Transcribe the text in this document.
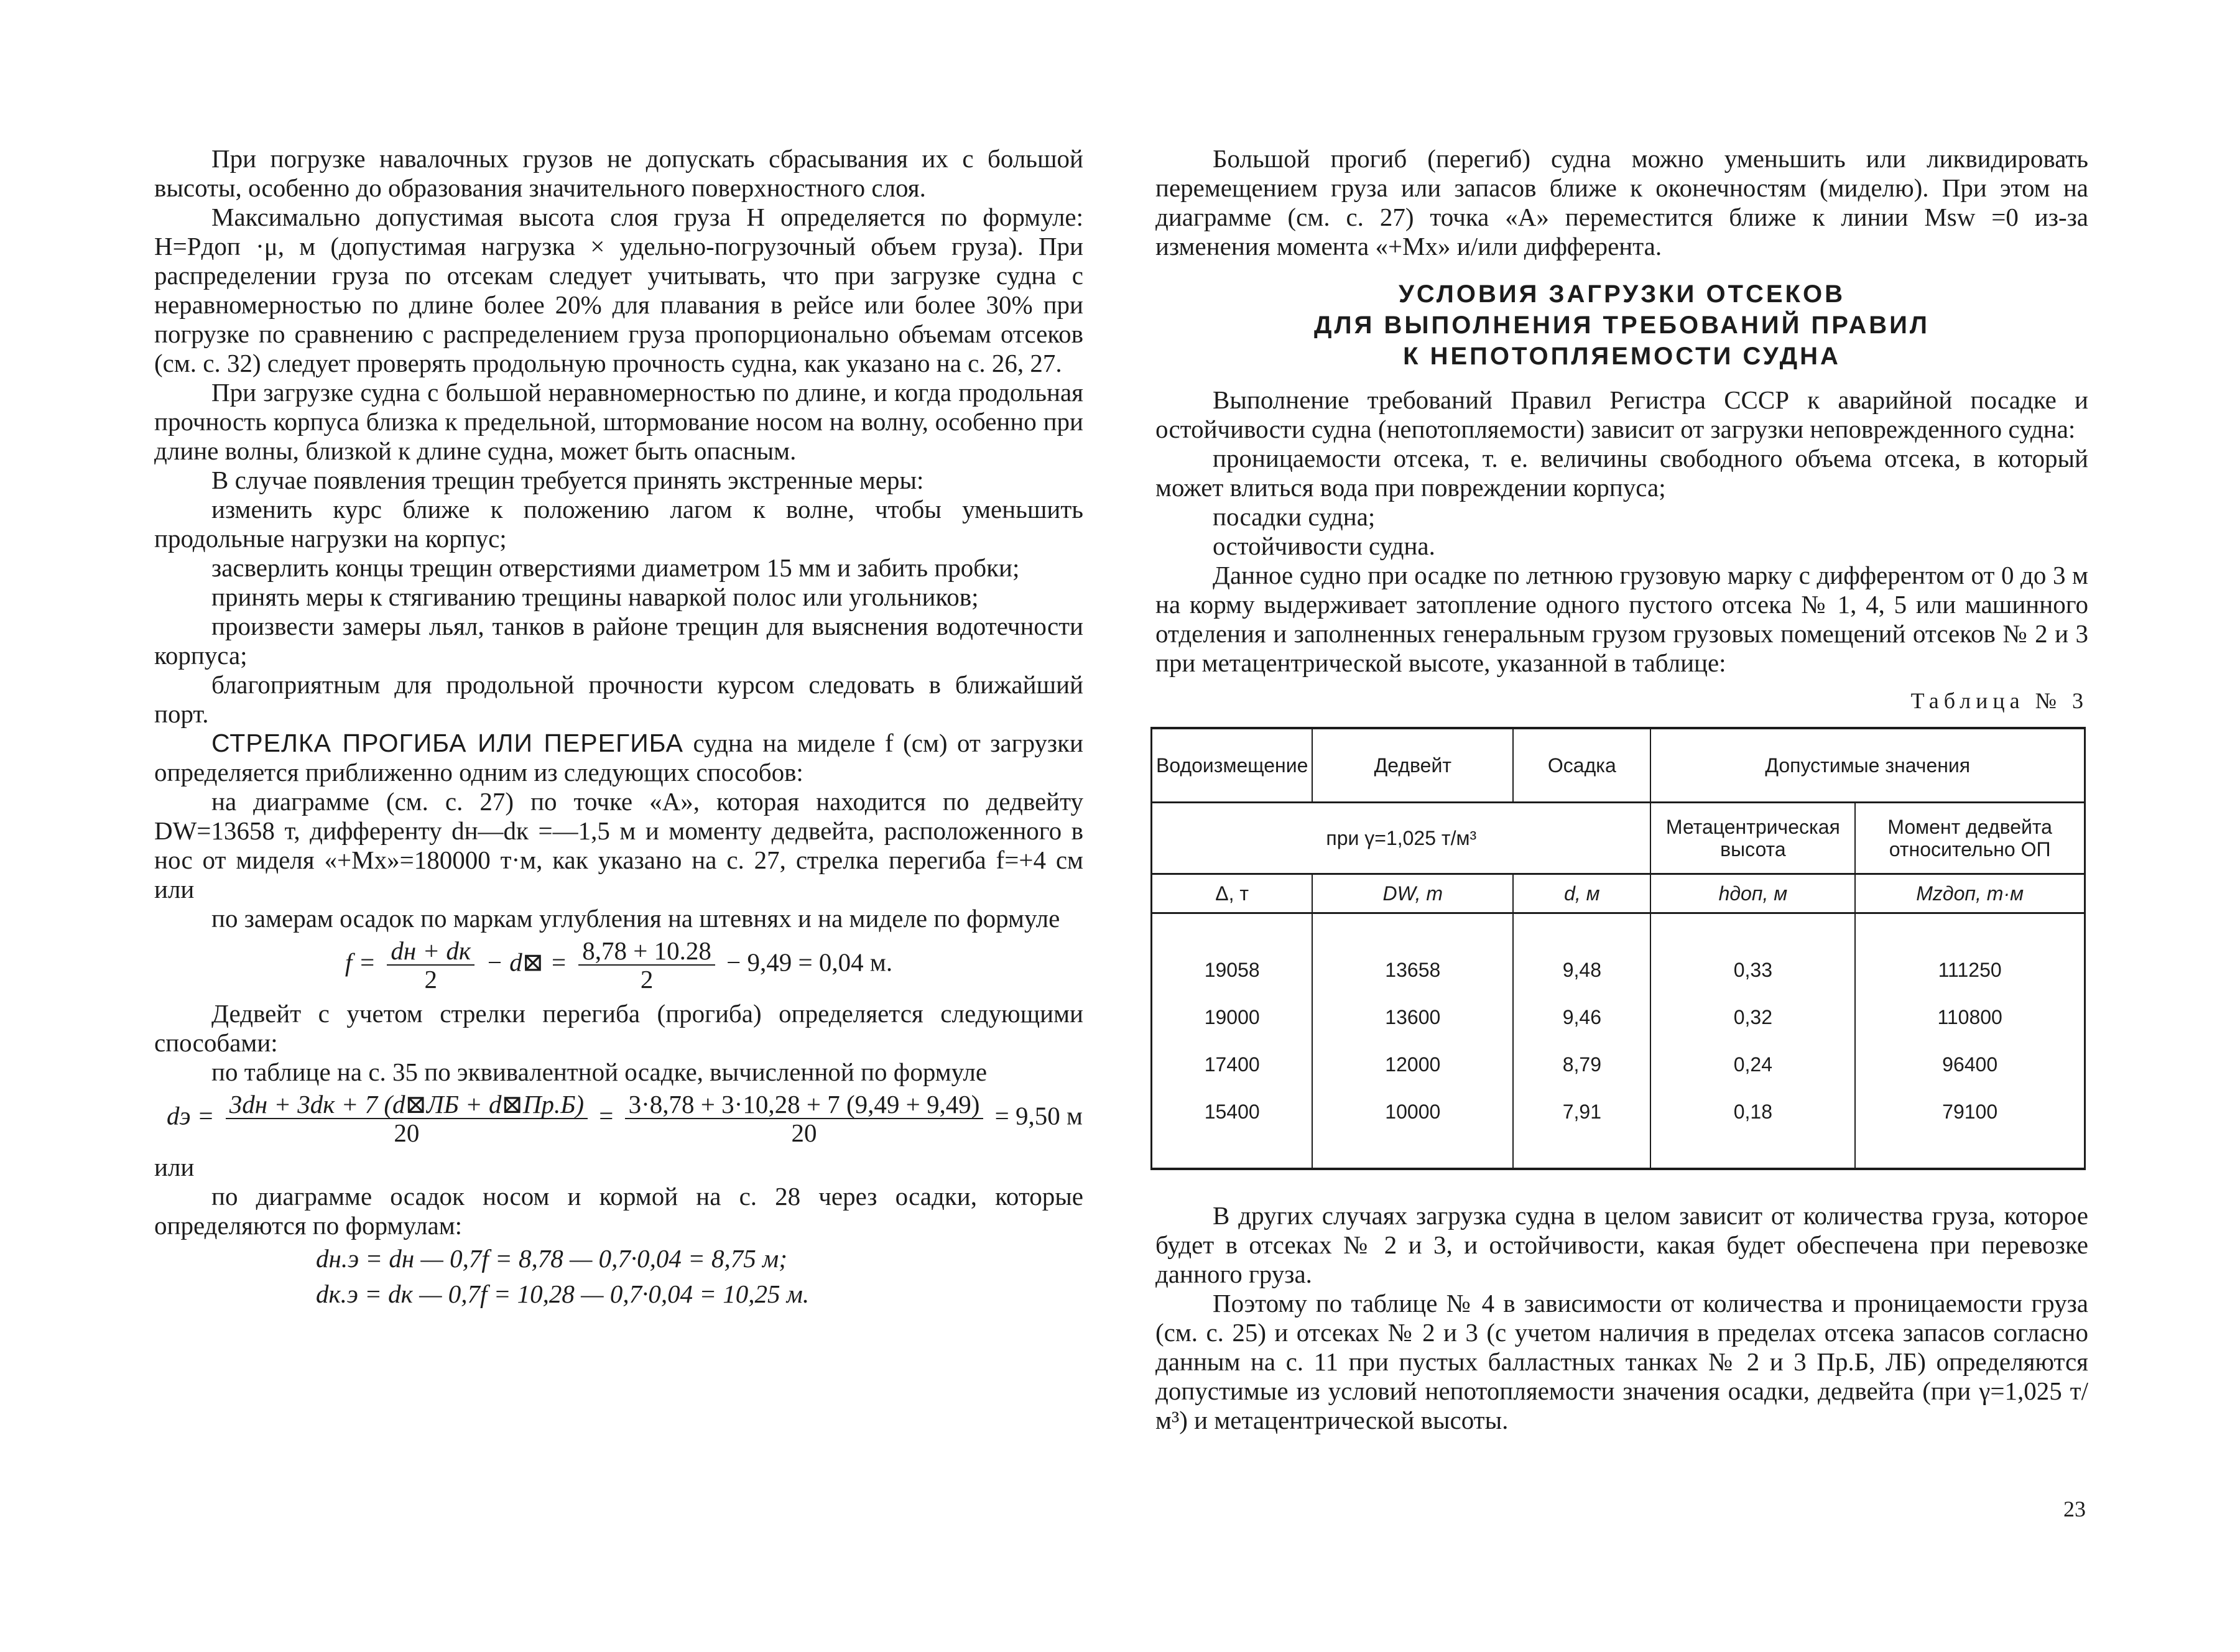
При погрузке навалочных грузов не допускать сбрасывания их с большой высоты, особенно до образования значительного поверхностного слоя.

Максимально допустимая высота слоя груза H определяется по формуле: H=Pдоп ·μ, м (допустимая нагрузка × удельно-погрузочный объем груза). При распределении груза по отсекам следует учитывать, что при загрузке судна с неравномерностью по длине более 20% для плавания в рейсе или более 30% при погрузке по сравнению с распределением груза пропорционально объемам отсеков (см. с. 32) следует проверять продольную прочность судна, как указано на с. 26, 27.

При загрузке судна с большой неравномерностью по длине, и когда продольная прочность корпуса близка к предельной, штормование носом на волну, особенно при длине волны, близкой к длине судна, может быть опасным.

В случае появления трещин требуется принять экстренные меры:

изменить курс ближе к положению лагом к волне, чтобы уменьшить продольные нагрузки на корпус;

засверлить концы трещин отверстиями диаметром 15 мм и забить пробки;

принять меры к стягиванию трещины наваркой полос или угольников;

произвести замеры льял, танков в районе трещин для выяснения водотечности корпуса;

благоприятным для продольной прочности курсом следовать в ближайший порт.

СТРЕЛКА ПРОГИБА ИЛИ ПЕРЕГИБА судна на миделе f (см) от загрузки определяется приближенно одним из следующих способов:

на диаграмме (см. с. 27) по точке «A», которая находится по дедвейту DW=13658 т, дифференту dн—dк =—1,5 м и моменту дедвейта, расположенного в нос от миделя «+Mx»=180000 т·м, как указано на с. 27, стрелка перегиба f=+4 см или

по замерам осадок по маркам углубления на штевнях и на миделе по формуле

$f = \frac{dн + dк}{2}$ − d⊠ = $\frac{8,78 + 10.28}{2} - 9,49 = 0,04$ м.

Дедвейт с учетом стрелки перегиба (прогиба) определяется следующими способами:

по таблице на с. 35 по эквивалентной осадке, вычисленной по формуле

dэ = $\frac{3dн + 3dк + 7 (d⊠ЛБ + d⊠Пр.Б)}{20} = \frac{3\cdot 8,78 + 3\cdot 10,28 + 7 (9,49 + 9,49)}{20} = 9,50$ м

или

по диаграмме осадок носом и кормой на с. 28 через осадки, которые определяются по формулам:

dн.э = dн — 0,7f = 8,78 — 0,7·0,04 = 8,75 м;
dк.э = dк — 0,7f = 10,28 — 0,7·0,04 = 10,25 м.

Большой прогиб (перегиб) судна можно уменьшить или ликвидировать перемещением груза или запасов ближе к оконечностям (миделю). При этом на диаграмме (см. с. 27) точка «A» переместится ближе к линии Msw =0 из-за изменения момента «+Mx» и/или дифферента.

УСЛОВИЯ ЗАГРУЗКИ ОТСЕКОВ
ДЛЯ ВЫПОЛНЕНИЯ ТРЕБОВАНИЙ ПРАВИЛ
К НЕПОТОПЛЯЕМОСТИ СУДНА

Выполнение требований Правил Регистра СССР к аварийной посадке и остойчивости судна (непотопляемости) зависит от загрузки неповрежденного судна:

проницаемости отсека, т. е. величины свободного объема отсека, в который может влиться вода при повреждении корпуса;

посадки судна;

остойчивости судна.

Данное судно при осадке по летнюю грузовую марку с дифферентом от 0 до 3 м на корму выдерживает затопление одного пустого отсека № 1, 4, 5 или машинного отделения и заполненных генеральным грузом грузовых помещений отсеков № 2 и 3 при метацентрической высоте, указанной в таблице:

Таблица № 3
Водоизмещение	Дедвейт	Осадка	Допустимые значения	
при γ=1,025 т/м³			Метацентрическая высота	Момент дедвейта относительно ОП
Δ, т	DW, т	d, м	hдоп, м	Mzдоп, т·м

19058	13658	9,48	0,33	111250
19000	13600	9,46	0,32	110800
17400	12000	8,79	0,24	96400
15400	10000	7,91	0,18	79100

В других случаях загрузка судна в целом зависит от количества груза, которое будет в отсеках № 2 и 3, и остойчивости, какая будет обеспечена при перевозке данного груза.

Поэтому по таблице № 4 в зависимости от количества и проницаемости груза (см. с. 25) и отсеках № 2 и 3 (с учетом наличия в пределах отсека запасов согласно данным на с. 11 при пустых балластных танках № 2 и 3 Пр.Б, ЛБ) определяются допустимые из условий непотопляемости значения осадки, дедвейта (при γ=1,025 т/м³) и метацентрической высоты.

23
